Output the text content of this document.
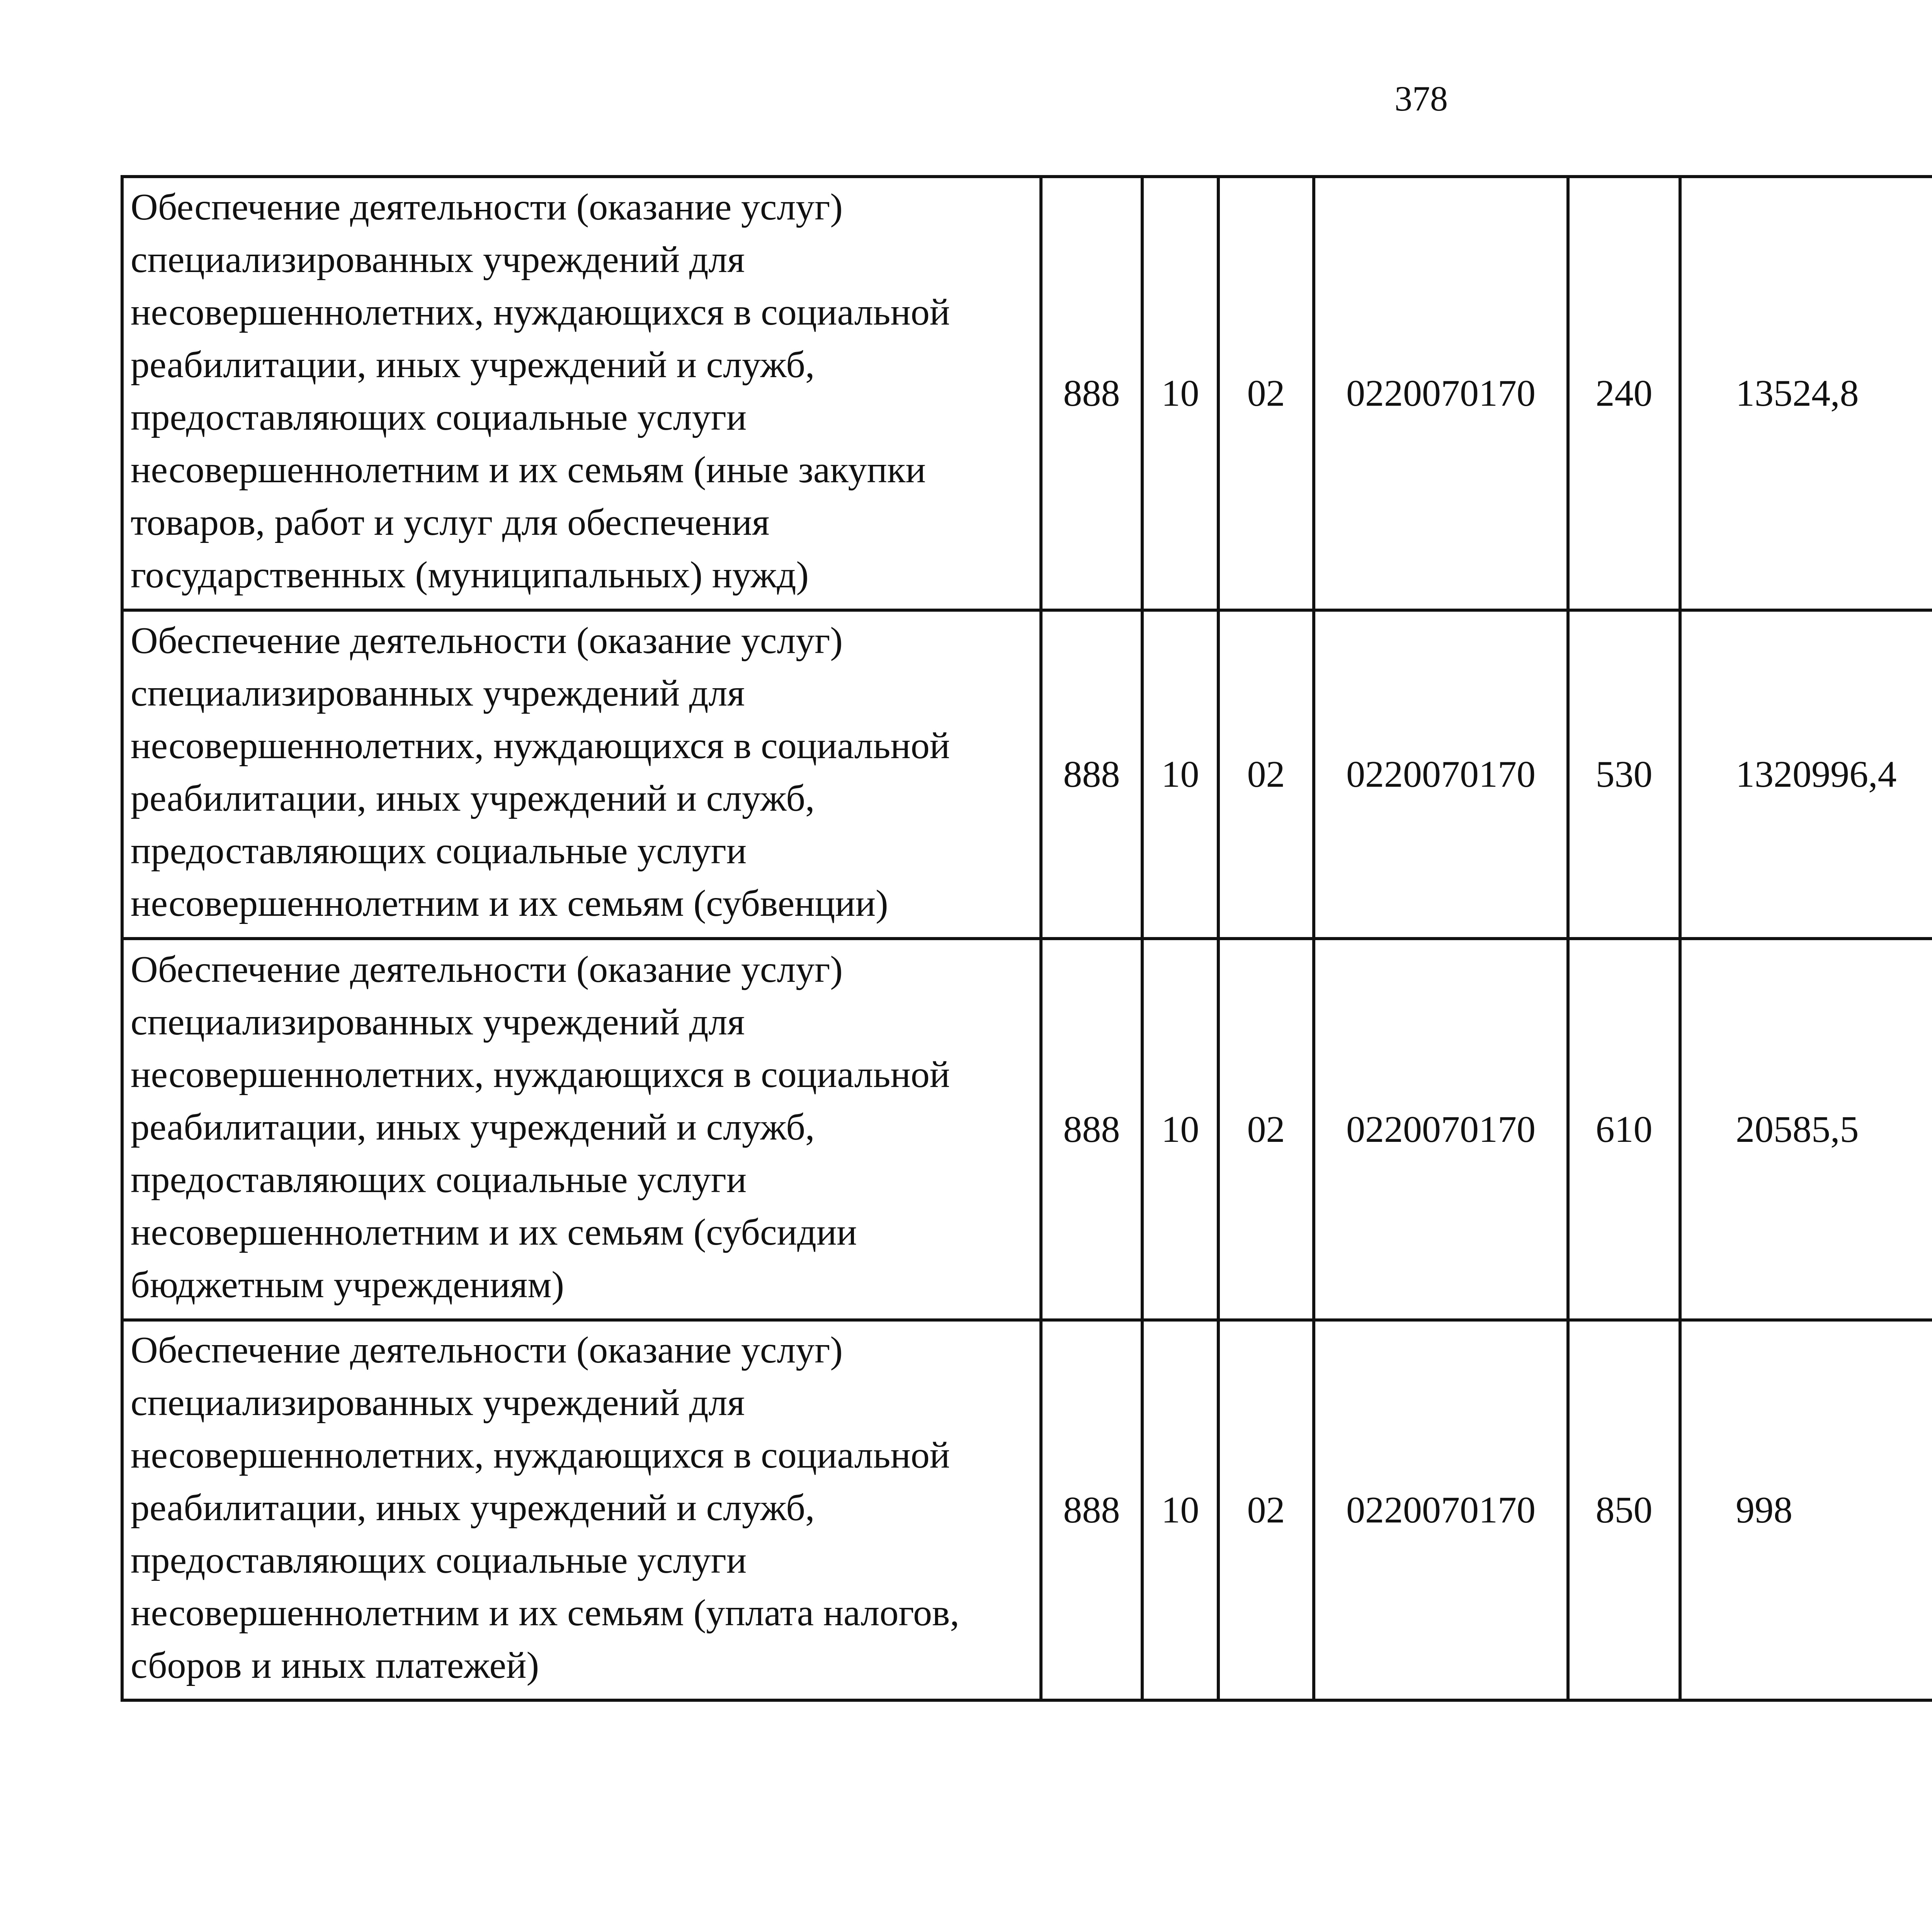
378
Обеспечение деятельности (оказание услуг) специализированных учреждений для несовершеннолетних, нуждающихся в социальной реабилитации, иных учреждений и служб, предоставляющих социальные услуги несовершеннолетним и их семьям (иные закупки товаров, работ и услуг для обеспечения государственных (муниципальных) нужд)	888	10	02	0220070170	240	13524,8		
Обеспечение деятельности (оказание услуг) специализированных учреждений для несовершеннолетних, нуждающихся в социальной реабилитации, иных учреждений и служб, предоставляющих социальные услуги несовершеннолетним и их семьям (субвенции)	888	10	02	0220070170	530	1320996,4		
Обеспечение деятельности (оказание услуг) специализированных учреждений для несовершеннолетних, нуждающихся в социальной реабилитации, иных учреждений и служб, предоставляющих социальные услуги несовершеннолетним и их семьям (субсидии бюджетным учреждениям)	888	10	02	0220070170	610	20585,5		
Обеспечение деятельности (оказание услуг) специализированных учреждений для несовершеннолетних, нуждающихся в социальной реабилитации, иных учреждений и служб, предоставляющих социальные услуги несовершеннолетним и их семьям (уплата налогов, сборов и иных платежей)	888	10	02	0220070170	850	998		
